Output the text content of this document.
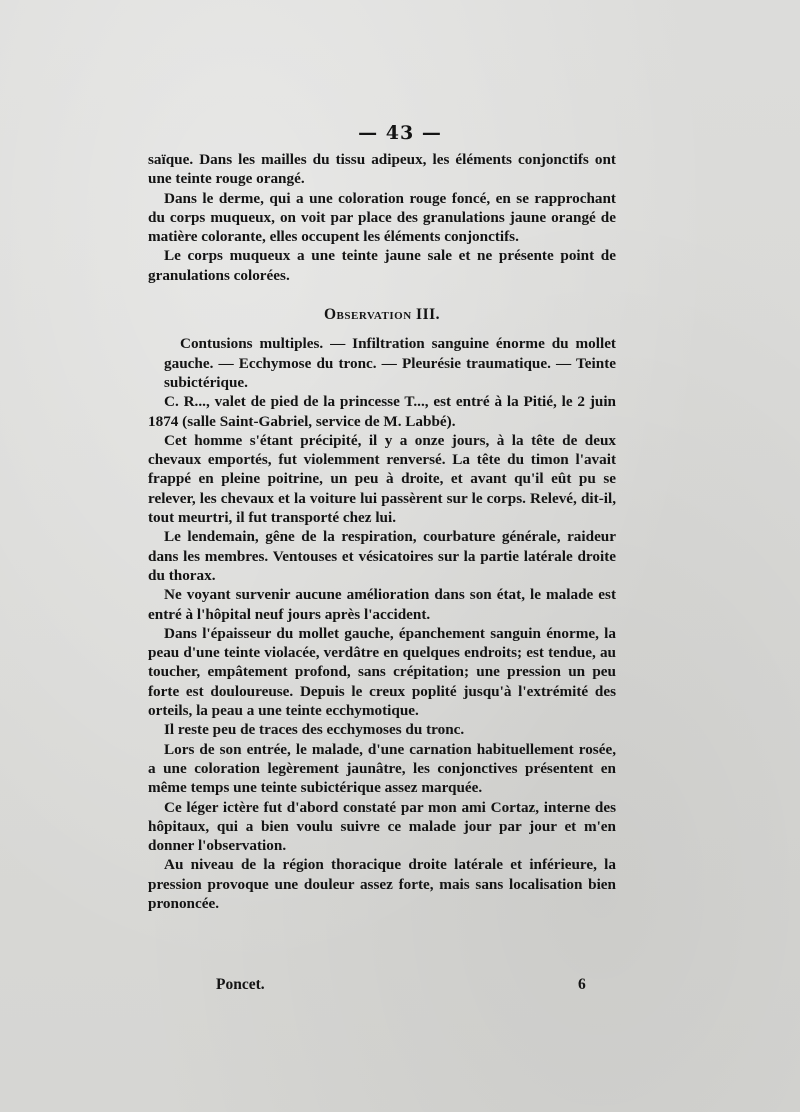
— 43 —

saïque. Dans les mailles du tissu adipeux, les éléments conjonctifs ont une teinte rouge orangé.

Dans le derme, qui a une coloration rouge foncé, en se rapprochant du corps muqueux, on voit par place des granulations jaune orangé de matière colorante, elles occupent les éléments conjonctifs.

Le corps muqueux a une teinte jaune sale et ne présente point de granulations colorées.

Observation III.

Contusions multiples. — Infiltration sanguine énorme du mollet gauche. — Ecchymose du tronc. — Pleurésie traumatique. — Teinte subictérique.

C. R..., valet de pied de la princesse T..., est entré à la Pitié, le 2 juin 1874 (salle Saint-Gabriel, service de M. Labbé).

Cet homme s'étant précipité, il y a onze jours, à la tête de deux chevaux emportés, fut violemment renversé. La tête du timon l'avait frappé en pleine poitrine, un peu à droite, et avant qu'il eût pu se relever, les chevaux et la voiture lui passèrent sur le corps. Relevé, dit-il, tout meurtri, il fut transporté chez lui.

Le lendemain, gêne de la respiration, courbature générale, raideur dans les membres. Ventouses et vésicatoires sur la partie latérale droite du thorax.

Ne voyant survenir aucune amélioration dans son état, le malade est entré à l'hôpital neuf jours après l'accident.

Dans l'épaisseur du mollet gauche, épanchement sanguin énorme, la peau d'une teinte violacée, verdâtre en quelques endroits; est tendue, au toucher, empâtement profond, sans crépitation; une pression un peu forte est douloureuse. Depuis le creux poplité jusqu'à l'extrémité des orteils, la peau a une teinte ecchymotique.

Il reste peu de traces des ecchymoses du tronc.

Lors de son entrée, le malade, d'une carnation habituellement rosée, a une coloration legèrement jaunâtre, les conjonctives présentent en même temps une teinte subictérique assez marquée.

Ce léger ictère fut d'abord constaté par mon ami Cortaz, interne des hôpitaux, qui a bien voulu suivre ce malade jour par jour et m'en donner l'observation.

Au niveau de la région thoracique droite latérale et inférieure, la pression provoque une douleur assez forte, mais sans localisation bien prononcée.

Poncet.	6
